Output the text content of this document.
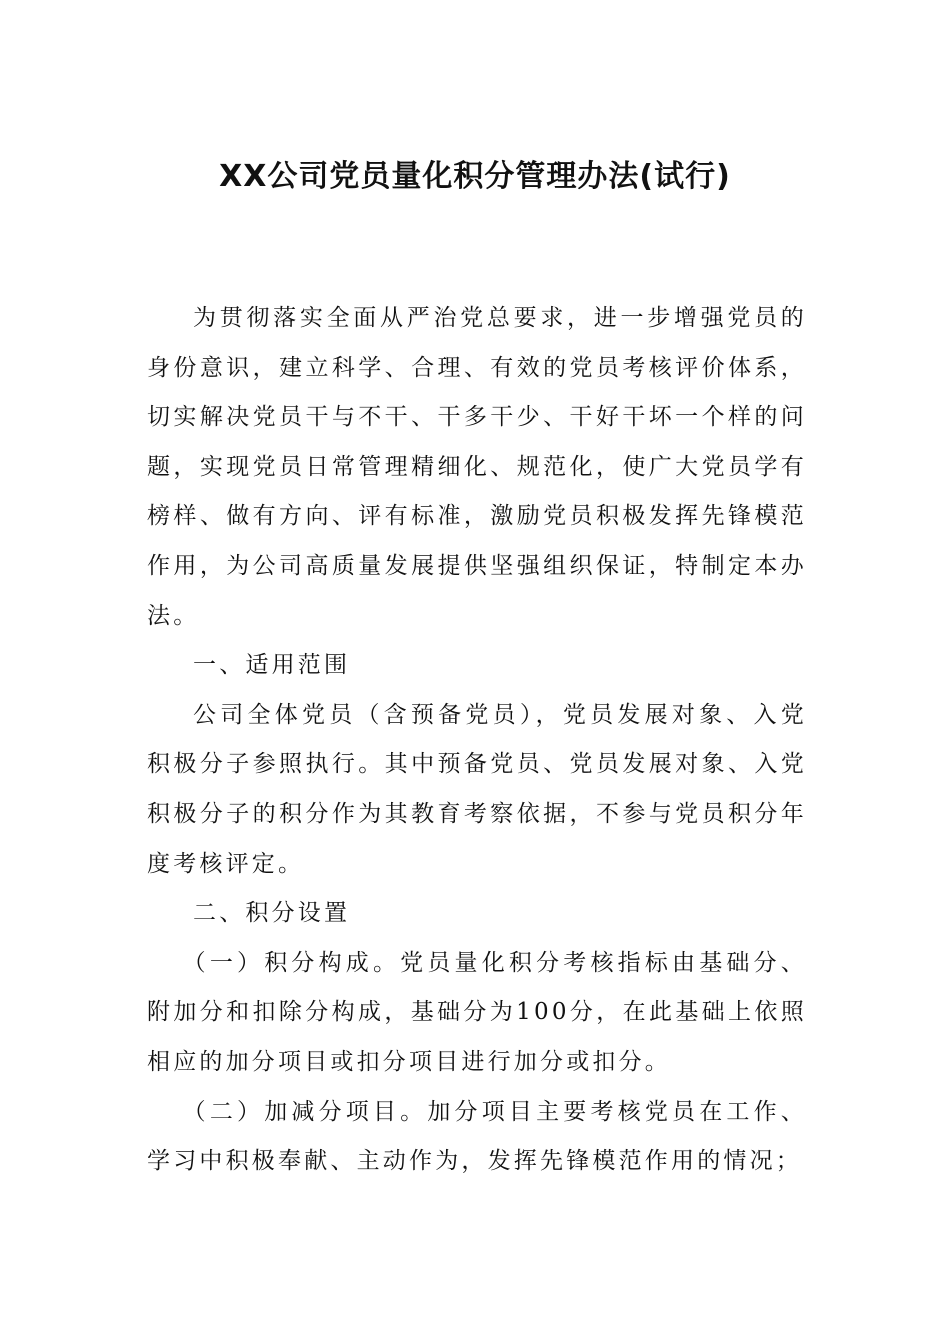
XX公司党员量化积分管理办法(试行)

为贯彻落实全面从严治党总要求，进一步增强党员的身份意识，建立科学、合理、有效的党员考核评价体系，切实解决党员干与不干、干多干少、干好干坏一个样的问题，实现党员日常管理精细化、规范化，使广大党员学有榜样、做有方向、评有标准，激励党员积极发挥先锋模范作用，为公司高质量发展提供坚强组织保证，特制定本办法。

一、适用范围

公司全体党员（含预备党员），党员发展对象、入党积极分子参照执行。其中预备党员、党员发展对象、入党积极分子的积分作为其教育考察依据，不参与党员积分年度考核评定。

二、积分设置

（一）积分构成。党员量化积分考核指标由基础分、附加分和扣除分构成，基础分为100分，在此基础上依照相应的加分项目或扣分项目进行加分或扣分。

（二）加减分项目。加分项目主要考核党员在工作、学习中积极奉献、主动作为，发挥先锋模范作用的情况；
